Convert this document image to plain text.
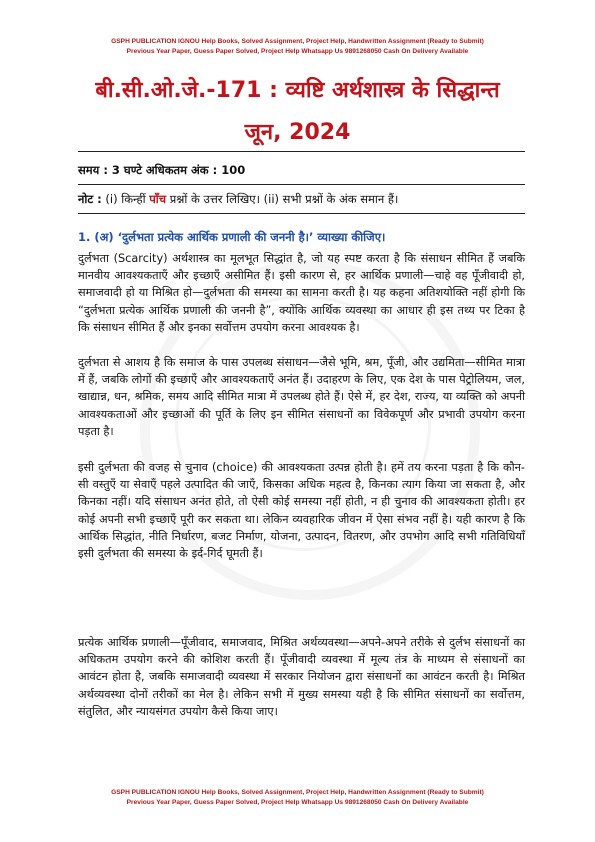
GSPH PUBLICATION IGNOU Help Books, Solved Assignment, Project Help, Handwritten Assignment (Ready to Submit)
Previous Year Paper, Guess Paper Solved, Project Help Whatsapp Us 9891268050 Cash On Delivery Available
बी.सी.ओ.जे.-171 : व्यष्टि अर्थशास्त्र के सिद्धान्त
जून, 2024
समय : 3 घण्टे अधिकतम अंक : 100
नोट : (i) किन्हीं पाँच प्रश्नों के उत्तर लिखिए। (ii) सभी प्रश्नों के अंक समान हैं।
1. (अ) ‘दुर्लभता प्रत्येक आर्थिक प्रणाली की जननी है।’ व्याख्या कीजिए।
दुर्लभता (Scarcity) अर्थशास्त्र का मूलभूत सिद्धांत है, जो यह स्पष्ट करता है कि संसाधन सीमित हैं जबकि मानवीय आवश्यकताएँ और इच्छाएँ असीमित हैं। इसी कारण से, हर आर्थिक प्रणाली—चाहे वह पूँजीवादी हो, समाजवादी हो या मिश्रित हो—दुर्लभता की समस्या का सामना करती है। यह कहना अतिशयोक्ति नहीं होगी कि “दुर्लभता प्रत्येक आर्थिक प्रणाली की जननी है”, क्योंकि आर्थिक व्यवस्था का आधार ही इस तथ्य पर टिका है कि संसाधन सीमित हैं और इनका सर्वोत्तम उपयोग करना आवश्यक है।
दुर्लभता से आशय है कि समाज के पास उपलब्ध संसाधन—जैसे भूमि, श्रम, पूँजी, और उद्यमिता—सीमित मात्रा में हैं, जबकि लोगों की इच्छाएँ और आवश्यकताएँ अनंत हैं। उदाहरण के लिए, एक देश के पास पेट्रोलियम, जल, खाद्यान्न, धन, श्रमिक, समय आदि सीमित मात्रा में उपलब्ध होते हैं। ऐसे में, हर देश, राज्य, या व्यक्ति को अपनी आवश्यकताओं और इच्छाओं की पूर्ति के लिए इन सीमित संसाधनों का विवेकपूर्ण और प्रभावी उपयोग करना पड़ता है।
इसी दुर्लभता की वजह से चुनाव (choice) की आवश्यकता उत्पन्न होती है। हमें तय करना पड़ता है कि कौन-सी वस्तुएँ या सेवाएँ पहले उत्पादित की जाएँ, किसका अधिक महत्व है, किनका त्याग किया जा सकता है, और किनका नहीं। यदि संसाधन अनंत होते, तो ऐसी कोई समस्या नहीं होती, न ही चुनाव की आवश्यकता होती। हर कोई अपनी सभी इच्छाएँ पूरी कर सकता था। लेकिन व्यवहारिक जीवन में ऐसा संभव नहीं है। यही कारण है कि आर्थिक सिद्धांत, नीति निर्धारण, बजट निर्माण, योजना, उत्पादन, वितरण, और उपभोग आदि सभी गतिविधियाँ इसी दुर्लभता की समस्या के इर्द-गिर्द घूमती हैं।
प्रत्येक आर्थिक प्रणाली—पूँजीवाद, समाजवाद, मिश्रित अर्थव्यवस्था—अपने-अपने तरीके से दुर्लभ संसाधनों का अधिकतम उपयोग करने की कोशिश करती हैं। पूँजीवादी व्यवस्था में मूल्य तंत्र के माध्यम से संसाधनों का आवंटन होता है, जबकि समाजवादी व्यवस्था में सरकार नियोजन द्वारा संसाधनों का आवंटन करती है। मिश्रित अर्थव्यवस्था दोनों तरीकों का मेल है। लेकिन सभी में मुख्य समस्या यही है कि सीमित संसाधनों का सर्वोत्तम, संतुलित, और न्यायसंगत उपयोग कैसे किया जाए।
GSPH PUBLICATION IGNOU Help Books, Solved Assignment, Project Help, Handwritten Assignment (Ready to Submit)
Previous Year Paper, Guess Paper Solved, Project Help Whatsapp Us 9891268050 Cash On Delivery Available
